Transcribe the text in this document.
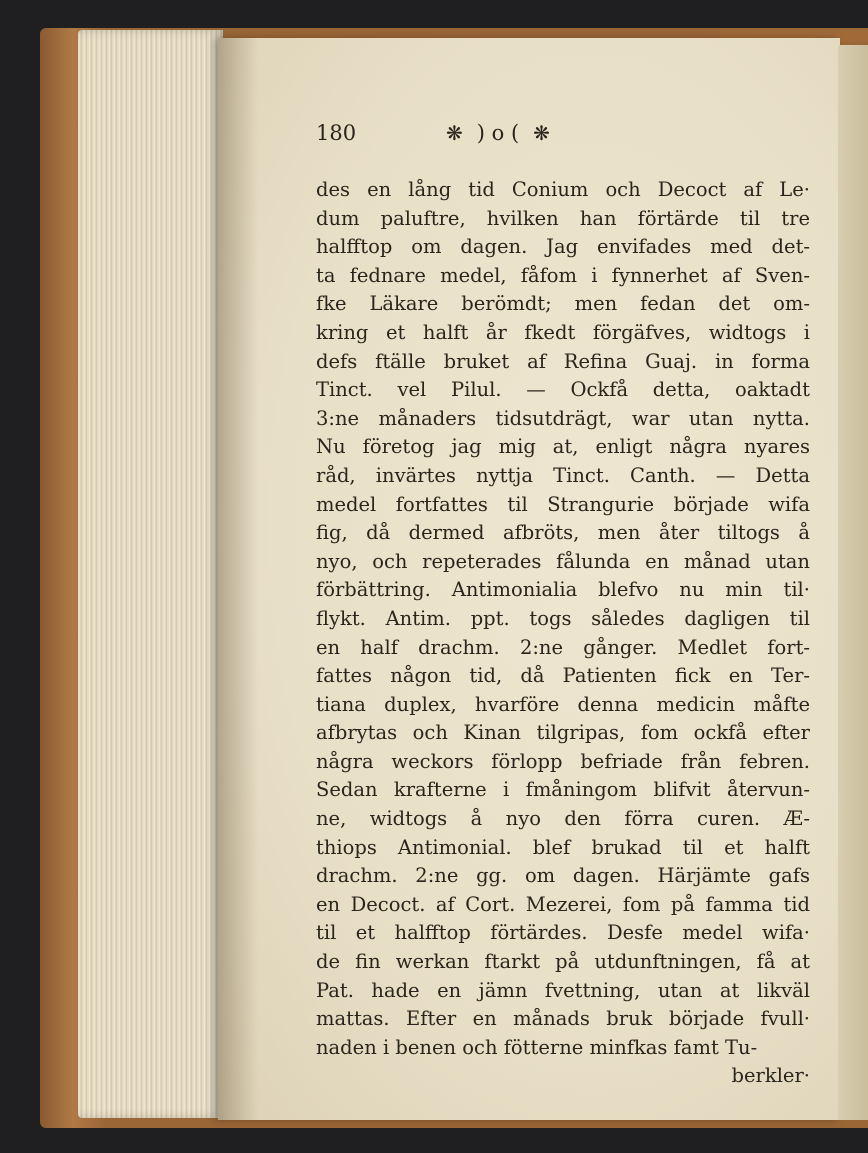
180	❋ ) o ( ❋
des en lång tid Conium och Decoct af Le·
dum paluftre, hvilken han förtärde til tre
halfftop om dagen. Jag envifades med det-
ta fednare medel, fåfom i fynnerhet af Sven-
fke Läkare berömdt; men fedan det om-
kring et halft år fkedt förgäfves, widtogs i
defs ftälle bruket af Refina Guaj. in forma
Tinct. vel Pilul. — Ockfå detta, oaktadt
3:ne månaders tidsutdrägt, war utan nytta.
Nu företog jag mig at, enligt några nyares
råd, invärtes nyttja Tinct. Canth. — Detta
medel fortfattes til Strangurie började wifa
fig, då dermed afbröts, men åter tiltogs å
nyo, och repeterades fålunda en månad utan
förbättring. Antimonialia blefvo nu min til·
flykt. Antim. ppt. togs således dagligen til
en half drachm. 2:ne gånger. Medlet fort-
fattes någon tid, då Patienten fick en Ter-
tiana duplex, hvarföre denna medicin måfte
afbrytas och Kinan tilgripas, fom ockfå efter
några weckors förlopp befriade från febren.
Sedan krafterne i fmåningom blifvit återvun-
ne, widtogs å nyo den förra curen. Æ-
thiops Antimonial. blef brukad til et halft
drachm. 2:ne gg. om dagen. Härjämte gafs
en Decoct. af Cort. Mezerei, fom på famma tid
til et halfftop förtärdes. Desfe medel wifa·
de fin werkan ftarkt på utdunftningen, få at
Pat. hade en jämn fvettning, utan at likväl
mattas. Efter en månads bruk började fvull·
naden i benen och fötterne minfkas famt Tu-
berkler·
